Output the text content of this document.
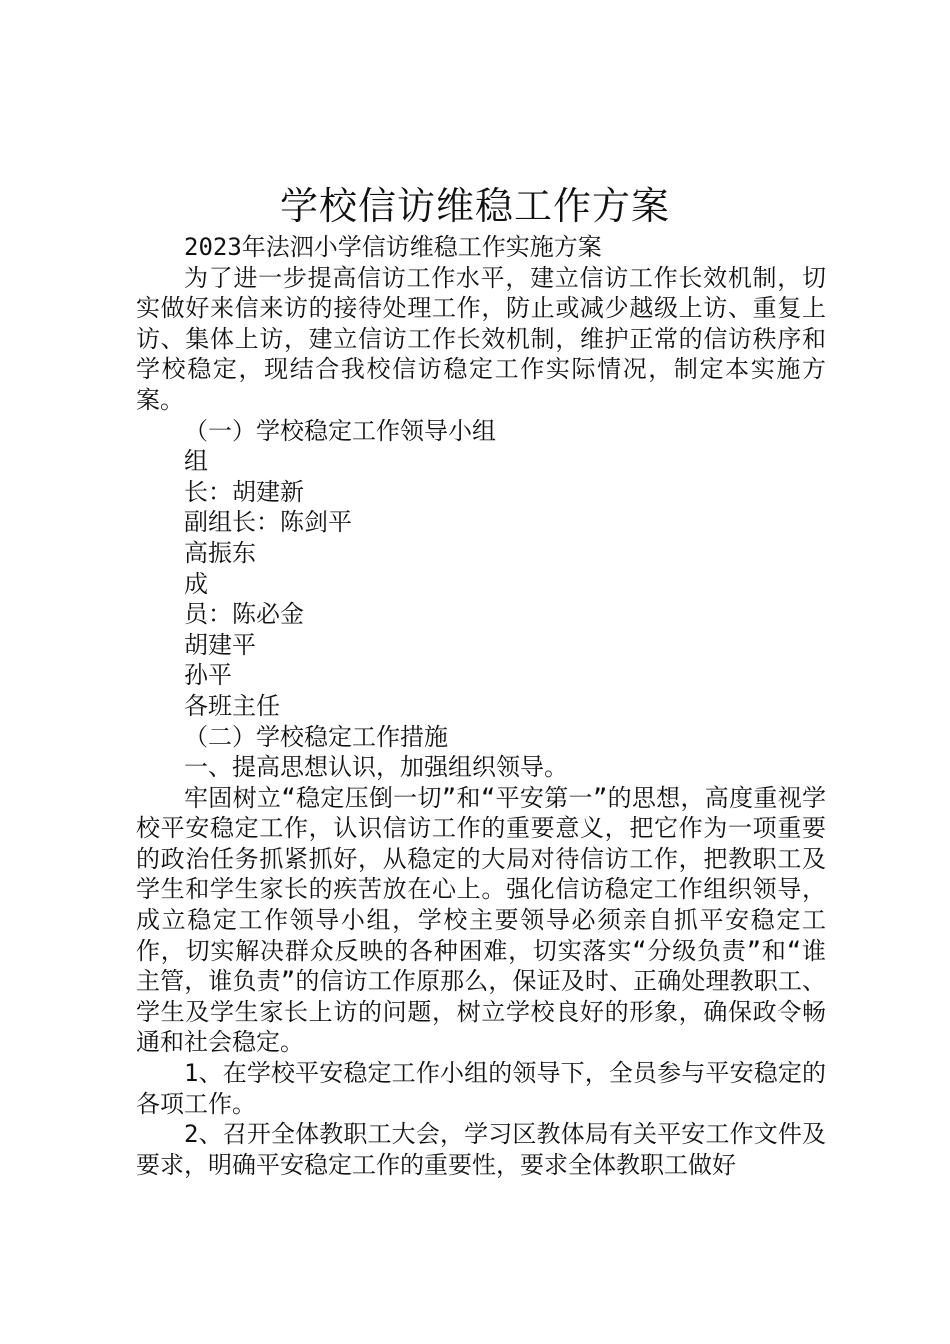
学校信访维稳工作方案

2023年法泗小学信访维稳工作实施方案

为了进一步提高信访工作水平，建立信访工作长效机制，切实做好来信来访的接待处理工作，防止或减少越级上访、重复上访、集体上访，建立信访工作长效机制，维护正常的信访秩序和学校稳定，现结合我校信访稳定工作实际情况，制定本实施方案。

（一）学校稳定工作领导小组

组

长：胡建新

副组长：陈剑平

高振东

成

员：陈必金

胡建平

孙平

各班主任

（二）学校稳定工作措施

一、提高思想认识，加强组织领导。

牢固树立“稳定压倒一切”和“平安第一”的思想，高度重视学校平安稳定工作，认识信访工作的重要意义，把它作为一项重要的政治任务抓紧抓好，从稳定的大局对待信访工作，把教职工及学生和学生家长的疾苦放在心上。强化信访稳定工作组织领导，成立稳定工作领导小组，学校主要领导必须亲自抓平安稳定工作，切实解决群众反映的各种困难，切实落实“分级负责”和“谁主管，谁负责”的信访工作原那么，保证及时、正确处理教职工、学生及学生家长上访的问题，树立学校良好的形象，确保政令畅通和社会稳定。

1、在学校平安稳定工作小组的领导下，全员参与平安稳定的各项工作。

2、召开全体教职工大会，学习区教体局有关平安工作文件及要求，明确平安稳定工作的重要性，要求全体教职工做好
